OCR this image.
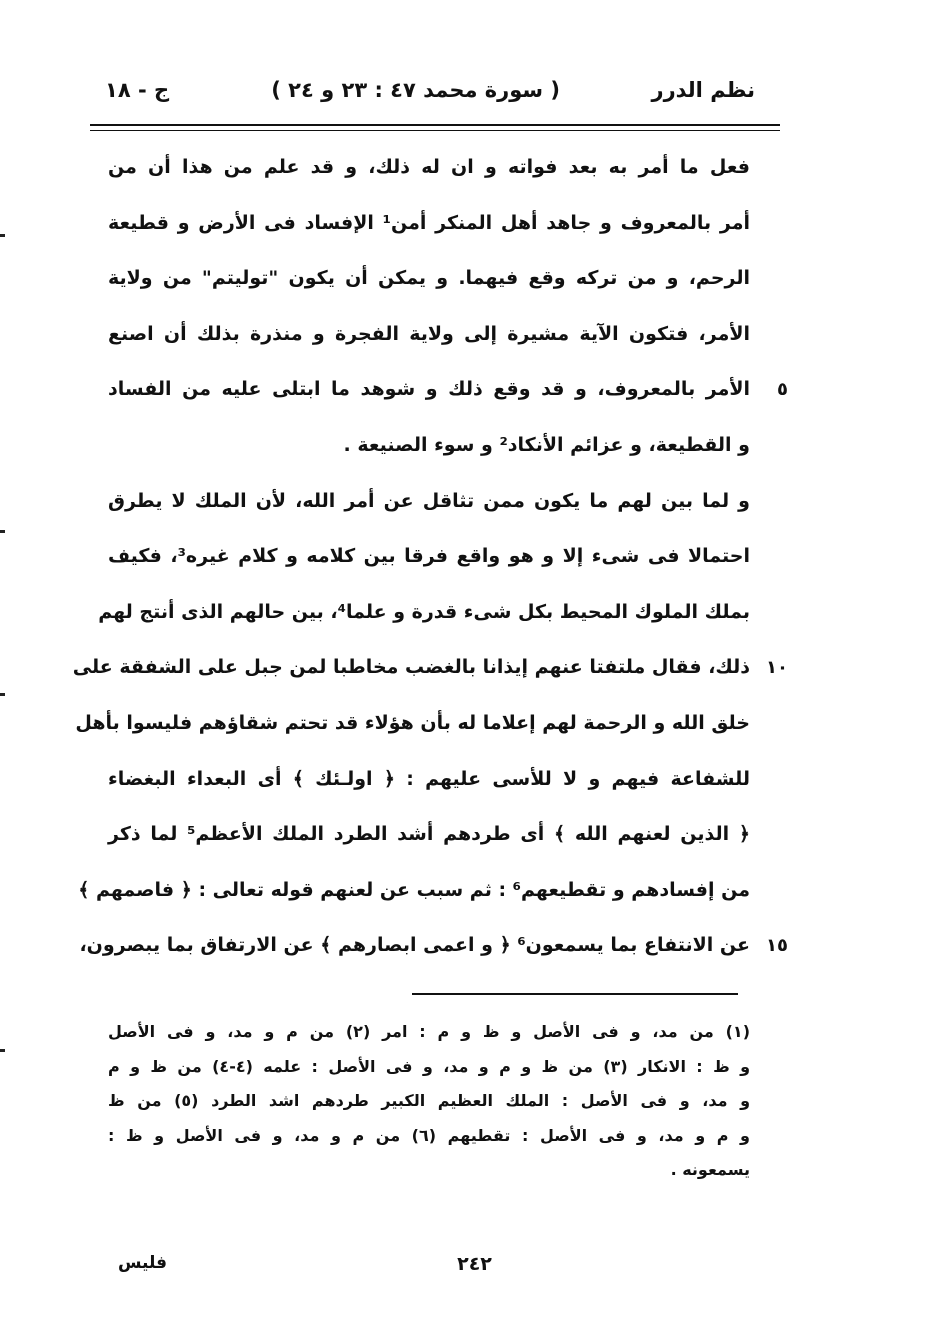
نظم الدرر
( سورة محمد ٤٧ : ٢٣ و ٢٤ )
ج - ١٨
فعل ما أمر به بعد فواته و ان له ذلك، و قد علم من هذا أن من
أمر بالمعروف و جاهد أهل المنكر أمن¹ الإفساد فى الأرض و قطيعة
الرحم، و من تركه وقع فيهما. و يمكن أن يكون "توليتم" من ولاية
الأمر، فتكون الآية مشيرة إلى ولاية الفجرة و منذرة بذلك أن اصنع
٥
الأمر بالمعروف، و قد وقع ذلك و شوهد ما ابتلى عليه من الفساد
و القطيعة، و عزائم الأنكاد² و سوء الصنيعة .
و لما بين لهم ما يكون ممن تثاقل عن أمر الله، لأن الملك لا يطرق
احتمالا فى شىء إلا و هو واقع فرقا بين كلامه و كلام غيره³، فكيف
بملك الملوك المحيط بكل شىء قدرة و علما⁴، بين حالهم الذى أنتج لهم
١٠
ذلك، فقال ملتفتا عنهم إيذانا بالغضب مخاطبا لمن جبل على الشفقة على
خلق الله و الرحمة لهم إعلاما له بأن هؤلاء قد تحتم شقاؤهم فليسوا بأهل
للشفاعة فيهم و لا للأسى عليهم : ﴿ اولـئك ﴾ أى البعداء البغضاء
﴿ الذين لعنهم الله ﴾ أى طردهم أشد الطرد الملك الأعظم⁵ لما ذكر
من إفسادهم و تقطيعهم⁶ : ثم سبب عن لعنهم قوله تعالى : ﴿ فاصمهم ﴾
١٥
عن الانتفاع بما يسمعون⁶ ﴿ و اعمى ابصارهم ﴾ عن الارتفاق بما يبصرون،
(١) من مد، و فى الأصل و ظ و م : امر (٢) من م و مد، و فى الأصل
و ظ : الانكار (٣) من ظ و م و مد، و فى الأصل : علمه (٤-٤) من ظ و م
و مد، و فى الأصل : الملك العظيم الكبير طردهم اشد الطرد (٥) من ظ
و م و مد، و فى الأصل : تقطيهم (٦) من م و مد، و فى الأصل و ظ :
يسمعونه .
٢٤٢
فليس
